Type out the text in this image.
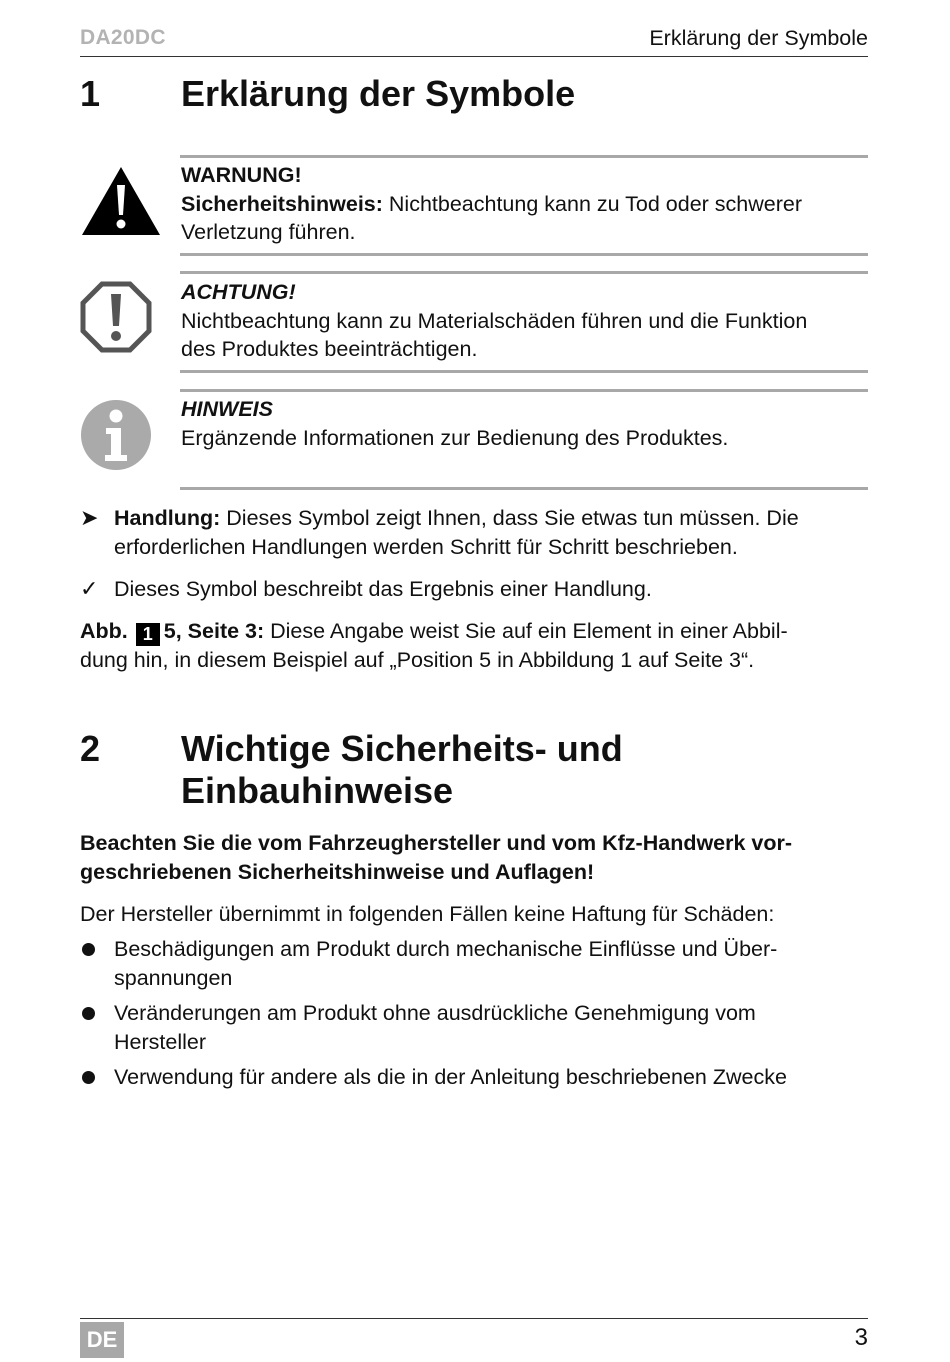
DA20DC	Erklärung der Symbole
1 Erklärung der Symbole
WARNUNG!
Sicherheitshinweis: Nichtbeachtung kann zu Tod oder schwerer
Verletzung führen.
ACHTUNG!
Nichtbeachtung kann zu Materialschäden führen und die Funktion
des Produktes beeinträchtigen.
HINWEIS
Ergänzende Informationen zur Bedienung des Produktes.
➤ Handlung: Dieses Symbol zeigt Ihnen, dass Sie etwas tun müssen. Die
erforderlichen Handlungen werden Schritt für Schritt beschrieben.
✓ Dieses Symbol beschreibt das Ergebnis einer Handlung.
Abb. 1 5, Seite 3: Diese Angabe weist Sie auf ein Element in einer Abbil-
dung hin, in diesem Beispiel auf „Position 5 in Abbildung 1 auf Seite 3“.
2 Wichtige Sicherheits- und
Einbauhinweise
Beachten Sie die vom Fahrzeughersteller und vom Kfz-Handwerk vor-
geschriebenen Sicherheitshinweise und Auflagen!
Der Hersteller übernimmt in folgenden Fällen keine Haftung für Schäden:
Beschädigungen am Produkt durch mechanische Einflüsse und Über-
spannungen
Veränderungen am Produkt ohne ausdrückliche Genehmigung vom
Hersteller
Verwendung für andere als die in der Anleitung beschriebenen Zwecke
DE	3
